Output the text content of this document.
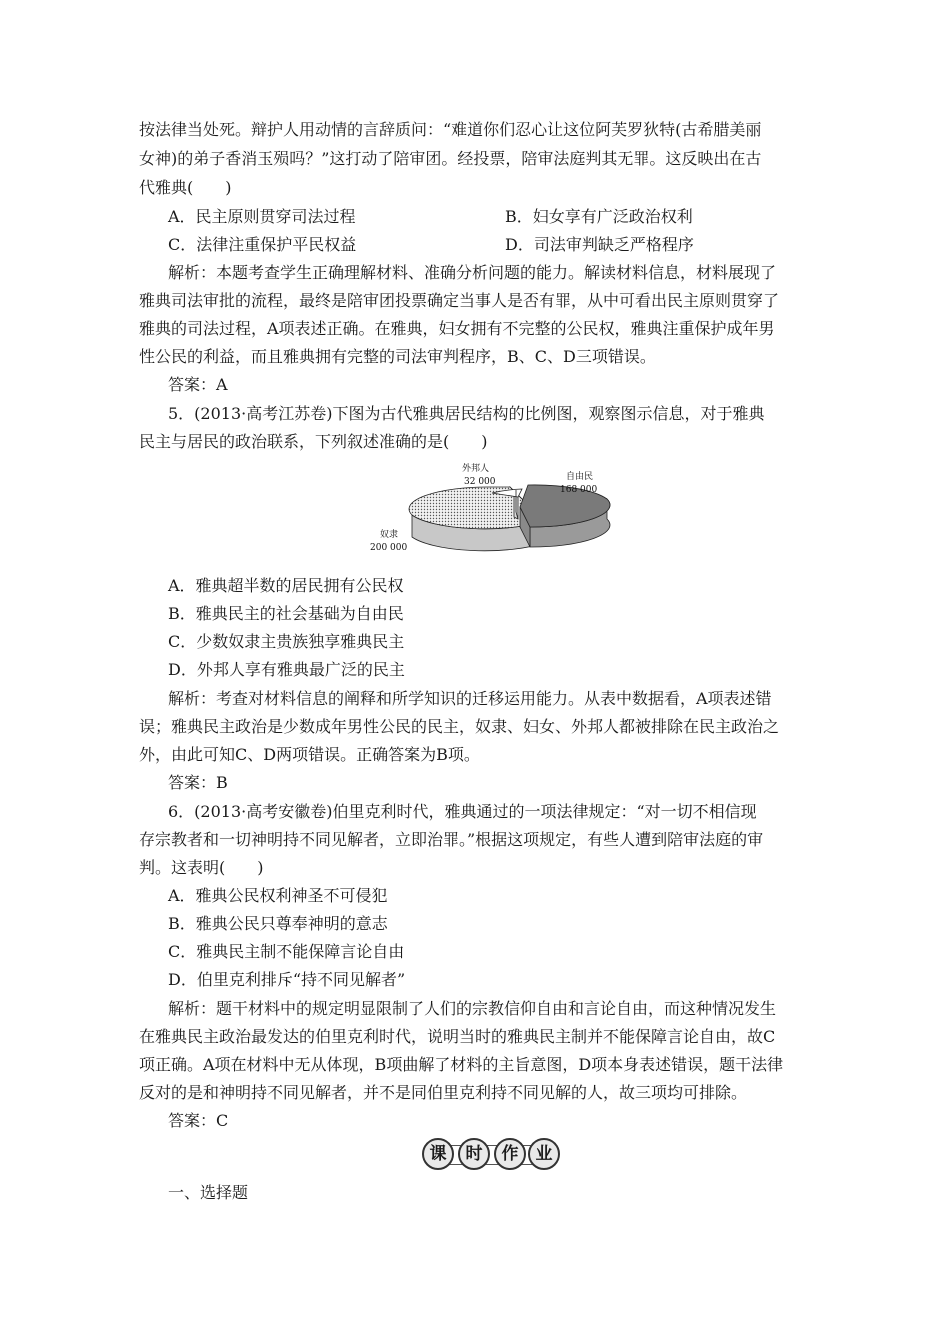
按法律当处死。辩护人用动情的言辞质问：“难道你们忍心让这位阿芙罗狄特(古希腊美丽
女神)的弟子香消玉殒吗？”这打动了陪审团。经投票，陪审法庭判其无罪。这反映出在古
代雅典(　　)
A．民主原则贯穿司法过程	B．妇女享有广泛政治权利
C．法律注重保护平民权益	D．司法审判缺乏严格程序
解析：本题考查学生正确理解材料、准确分析问题的能力。解读材料信息，材料展现了
雅典司法审批的流程，最终是陪审团投票确定当事人是否有罪，从中可看出民主原则贯穿了
雅典的司法过程，A项表述正确。在雅典，妇女拥有不完整的公民权，雅典注重保护成年男
性公民的利益，而且雅典拥有完整的司法审判程序，B、C、D三项错误。
答案：A
5．(2013·高考江苏卷)下图为古代雅典居民结构的比例图，观察图示信息，对于雅典
民主与居民的政治联系，下列叙述准确的是(　　)
外邦人
32 000	自由民
168 000
奴隶
200 000
A．雅典超半数的居民拥有公民权
B．雅典民主的社会基础为自由民
C．少数奴隶主贵族独享雅典民主
D．外邦人享有雅典最广泛的民主
解析：考查对材料信息的阐释和所学知识的迁移运用能力。从表中数据看，A项表述错
误；雅典民主政治是少数成年男性公民的民主，奴隶、妇女、外邦人都被排除在民主政治之
外，由此可知C、D两项错误。正确答案为B项。
答案：B
6．(2013·高考安徽卷)伯里克利时代，雅典通过的一项法律规定：“对一切不相信现
存宗教者和一切神明持不同见解者，立即治罪。”根据这项规定，有些人遭到陪审法庭的审
判。这表明(　　)
A．雅典公民权利神圣不可侵犯
B．雅典公民只尊奉神明的意志
C．雅典民主制不能保障言论自由
D．伯里克利排斥“持不同见解者”
解析：题干材料中的规定明显限制了人们的宗教信仰自由和言论自由，而这种情况发生
在雅典民主政治最发达的伯里克利时代，说明当时的雅典民主制并不能保障言论自由，故C
项正确。A项在材料中无从体现，B项曲解了材料的主旨意图，D项本身表述错误，题干法律
反对的是和神明持不同见解者，并不是同伯里克利持不同见解的人，故三项均可排除。
答案：C
课	时	作	业
一、选择题
